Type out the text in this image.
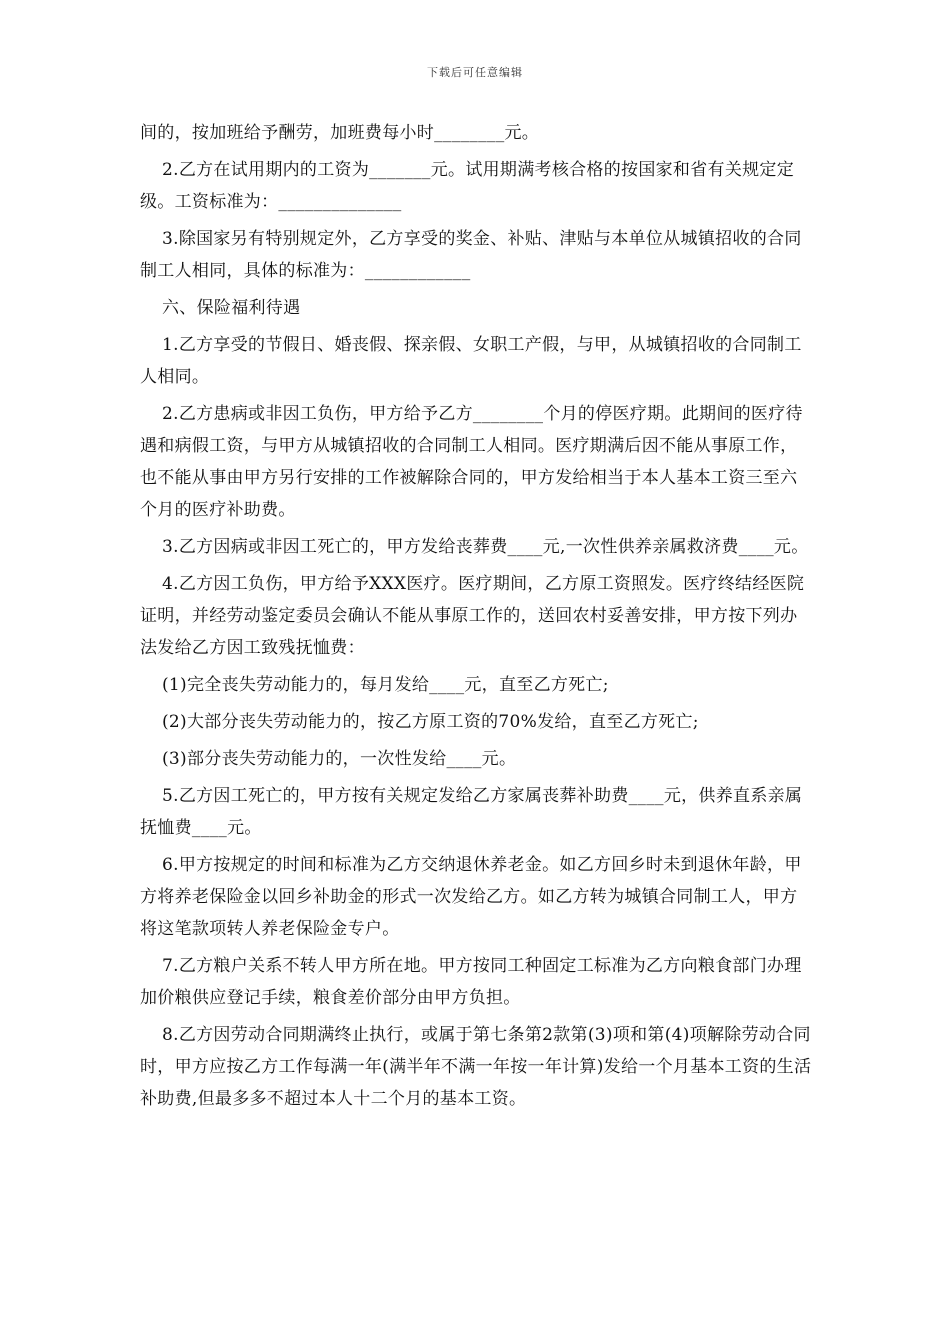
下载后可任意编辑

间的，按加班给予酬劳，加班费每小时________元。

2.乙方在试用期内的工资为_______元。试用期满考核合格的按国家和省有关规定定级。工资标准为：______________

3.除国家另有特别规定外，乙方享受的奖金、补贴、津贴与本单位从城镇招收的合同制工人相同，具体的标准为：____________

六、保险福利待遇

1.乙方享受的节假日、婚丧假、探亲假、女职工产假，与甲，从城镇招收的合同制工人相同。

2.乙方患病或非因工负伤，甲方给予乙方________个月的停医疗期。此期间的医疗待遇和病假工资，与甲方从城镇招收的合同制工人相同。医疗期满后因不能从事原工作，也不能从事由甲方另行安排的工作被解除合同的，甲方发给相当于本人基本工资三至六个月的医疗补助费。

3.乙方因病或非因工死亡的，甲方发给丧葬费____元,一次性供养亲属救济费____元。

4.乙方因工负伤，甲方给予XXX医疗。医疗期间，乙方原工资照发。医疗终结经医院证明，并经劳动鉴定委员会确认不能从事原工作的，送回农村妥善安排，甲方按下列办法发给乙方因工致残抚恤费：

(1)完全丧失劳动能力的，每月发给____元，直至乙方死亡;

(2)大部分丧失劳动能力的，按乙方原工资的70%发给，直至乙方死亡;

(3)部分丧失劳动能力的，一次性发给____元。

5.乙方因工死亡的，甲方按有关规定发给乙方家属丧葬补助费____元，供养直系亲属抚恤费____元。

6.甲方按规定的时间和标准为乙方交纳退休养老金。如乙方回乡时未到退休年龄，甲方将养老保险金以回乡补助金的形式一次发给乙方。如乙方转为城镇合同制工人，甲方将这笔款项转人养老保险金专户。

7.乙方粮户关系不转人甲方所在地。甲方按同工种固定工标准为乙方向粮食部门办理加价粮供应登记手续，粮食差价部分由甲方负担。

8.乙方因劳动合同期满终止执行，或属于第七条第2款第(3)项和第(4)项解除劳动合同时，甲方应按乙方工作每满一年(满半年不满一年按一年计算)发给一个月基本工资的生活补助费,但最多多不超过本人十二个月的基本工资。
